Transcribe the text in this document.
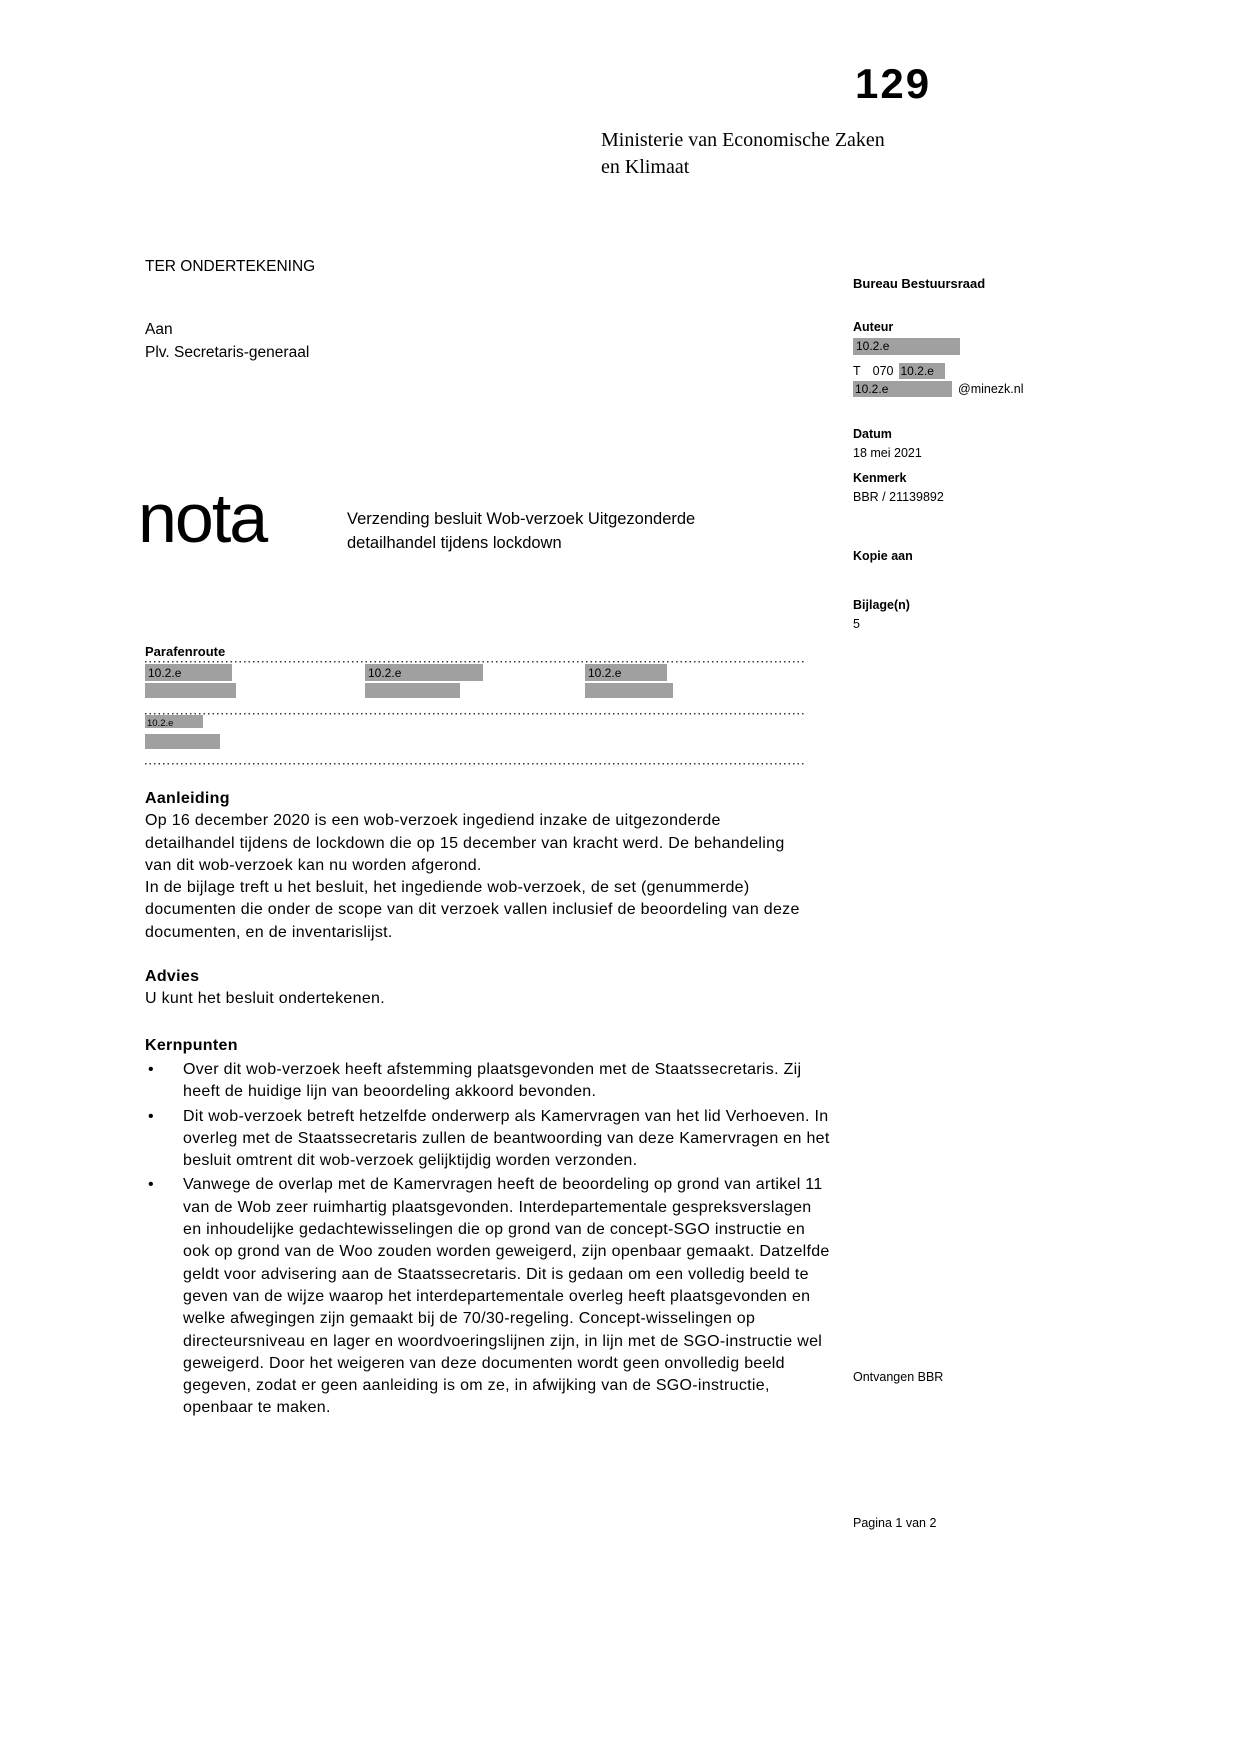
129
Ministerie van Economische Zaken
en Klimaat
TER ONDERTEKENING
Aan
Plv. Secretaris-generaal
Bureau Bestuursraad
Auteur
10.2.e
T 070 10.2.e
10.2.e	@minezk.nl
Datum
18 mei 2021
Kenmerk
BBR / 21139892
Kopie aan
Bijlage(n)
5
nota	Verzending besluit Wob-verzoek Uitgezonderde
detailhandel tijdens lockdown
Parafenroute
10.2.e	10.2.e	10.2.e
10.2.e
Aanleiding

Op 16 december 2020 is een wob-verzoek ingediend inzake de uitgezonderde detailhandel tijdens de lockdown die op 15 december van kracht werd. De behandeling van dit wob-verzoek kan nu worden afgerond.

In de bijlage treft u het besluit, het ingediende wob-verzoek, de set (genummerde) documenten die onder de scope van dit verzoek vallen inclusief de beoordeling van deze documenten, en de inventarislijst.

Advies

U kunt het besluit ondertekenen.

Kernpunten
•	Over dit wob-verzoek heeft afstemming plaatsgevonden met de Staatssecretaris. Zij heeft de huidige lijn van beoordeling akkoord bevonden.
•	Dit wob-verzoek betreft hetzelfde onderwerp als Kamervragen van het lid Verhoeven. In overleg met de Staatssecretaris zullen de beantwoording van deze Kamervragen en het besluit omtrent dit wob-verzoek gelijktijdig worden verzonden.
•	Vanwege de overlap met de Kamervragen heeft de beoordeling op grond van artikel 11 van de Wob zeer ruimhartig plaatsgevonden. Interdepartementale gespreksverslagen en inhoudelijke gedachtewisselingen die op grond van de concept-SGO instructie en ook op grond van de Woo zouden worden geweigerd, zijn openbaar gemaakt. Datzelfde geldt voor advisering aan de Staatssecretaris. Dit is gedaan om een volledig beeld te geven van de wijze waarop het interdepartementale overleg heeft plaatsgevonden en welke afwegingen zijn gemaakt bij de 70/30-regeling. Concept-wisselingen op directeursniveau en lager en woordvoeringslijnen zijn, in lijn met de SGO-instructie wel geweigerd. Door het weigeren van deze documenten wordt geen onvolledig beeld gegeven, zodat er geen aanleiding is om ze, in afwijking van de SGO-instructie, openbaar te maken.
Ontvangen BBR
Pagina 1 van 2
